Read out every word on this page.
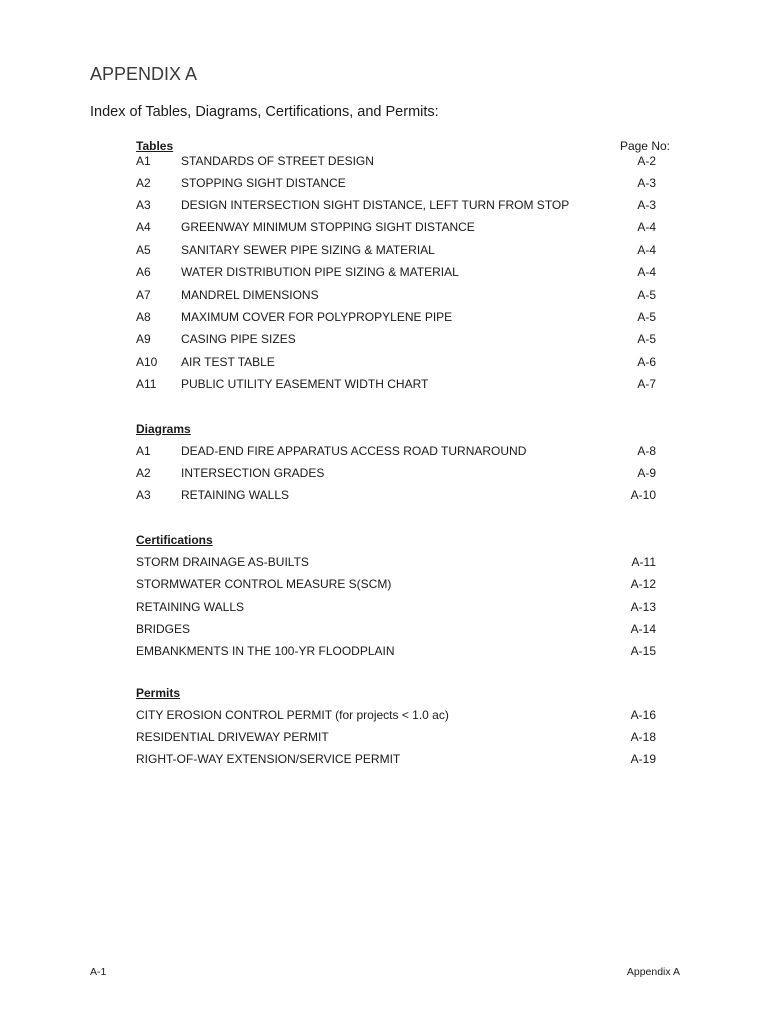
APPENDIX A
Index of Tables, Diagrams, Certifications, and Permits:
Tables	Page No:
A1	STANDARDS OF STREET DESIGN	A-2
A2	STOPPING SIGHT DISTANCE	A-3
A3	DESIGN INTERSECTION SIGHT DISTANCE, LEFT TURN FROM STOP	A-3
A4	GREENWAY MINIMUM STOPPING SIGHT DISTANCE	A-4
A5	SANITARY SEWER PIPE SIZING & MATERIAL	A-4
A6	WATER DISTRIBUTION PIPE SIZING & MATERIAL	A-4
A7	MANDREL DIMENSIONS	A-5
A8	MAXIMUM COVER FOR POLYPROPYLENE PIPE	A-5
A9	CASING PIPE SIZES	A-5
A10 AIR TEST TABLE	A-6
A11 PUBLIC UTILITY EASEMENT WIDTH CHART	A-7
Diagrams
A1	DEAD-END FIRE APPARATUS ACCESS ROAD TURNAROUND	A-8
A2	INTERSECTION GRADES	A-9
A3	RETAINING WALLS	A-10
Certifications
STORM DRAINAGE AS-BUILTS	A-11
STORMWATER CONTROL MEASURE S(SCM)	A-12
RETAINING WALLS	A-13
BRIDGES	A-14
EMBANKMENTS IN THE 100-YR FLOODPLAIN	A-15
Permits
CITY EROSION CONTROL PERMIT (for projects < 1.0 ac)	A-16
RESIDENTIAL DRIVEWAY PERMIT	A-18
RIGHT-OF-WAY EXTENSION/SERVICE PERMIT	A-19
A-1	Appendix A
